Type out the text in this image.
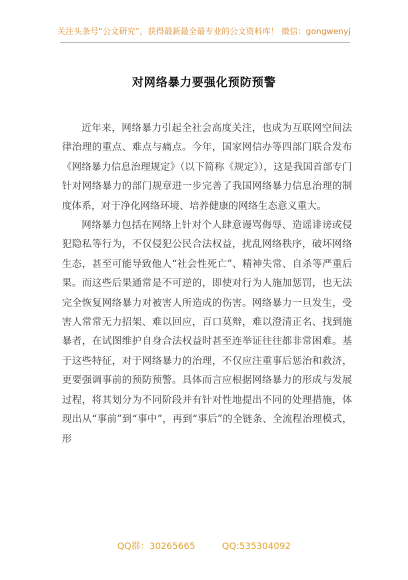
关注头条号“公文研究”，获得最新最全最专业的公文资料库！ 微信：gongwenyj
对网络暴力要强化预防预警

近年来，网络暴力引起全社会高度关注，也成为互联网空间法律治理的重点、难点与痛点。今年，国家网信办等四部门联合发布《网络暴力信息治理规定》（以下简称《规定》），这是我国首部专门针对网络暴力的部门规章进一步完善了我国网络暴力信息治理的制度体系，对于净化网络环境、培养健康的网络生态意义重大。

网络暴力包括在网络上针对个人肆意谩骂侮辱、造谣诽谤或侵犯隐私等行为，不仅侵犯公民合法权益，扰乱网络秩序，破坏网络生态，甚至可能导致他人“社会性死亡”、精神失常、自杀等严重后果。而这些后果通常是不可逆的，即使对行为人施加惩罚，也无法完全恢复网络暴力对被害人所造成的伤害。网络暴力一旦发生，受害人常常无力招架、难以回应，百口莫辩，难以澄清正名、找到施暴者，在试图维护自身合法权益时甚至连举证往往都非常困难。基于这些特征，对于网络暴力的治理，不仅应注重事后惩治和救济，更要强调事前的预防预警。具体而言应根据网络暴力的形成与发展过程，将其划分为不同阶段并有针对性地提出不同的处理措施，体现出从“事前”到“事中”，再到“事后”的全链条、全流程治理模式，形

QQ群：30265665	QQ:535304092
